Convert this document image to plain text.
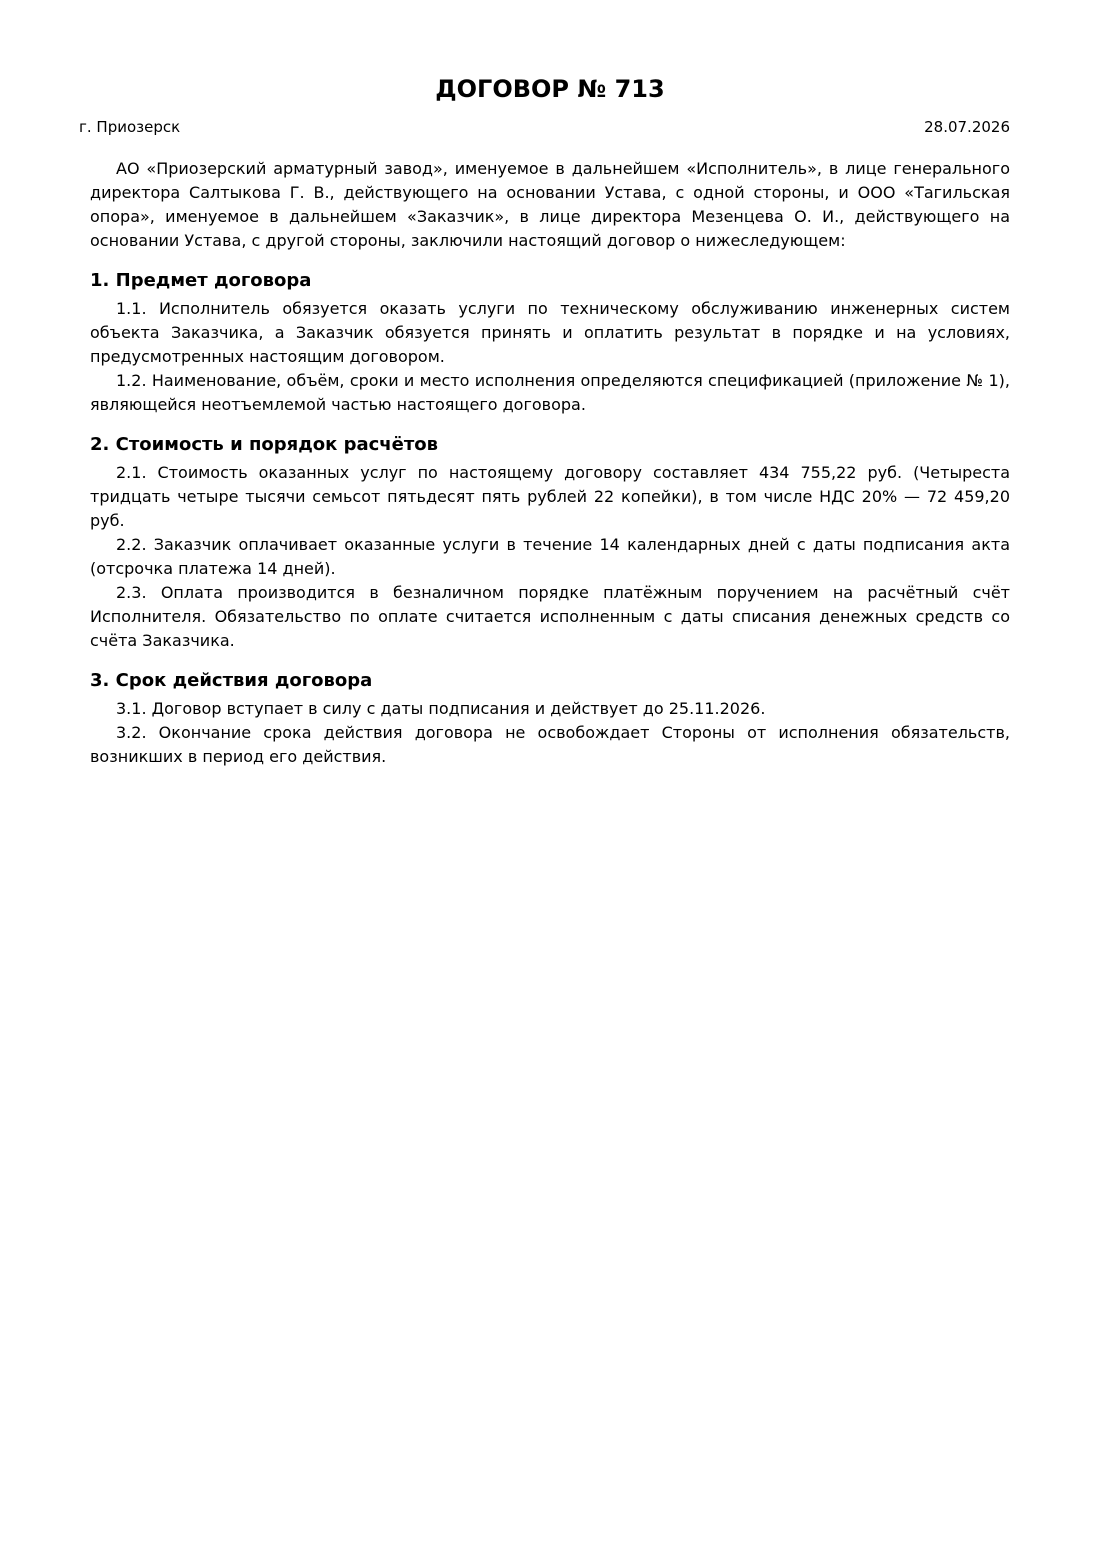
ДОГОВОР № 713
г. Приозерск	28.07.2026

АО «Приозерский арматурный завод», именуемое в дальнейшем «Исполнитель», в лице генерального директора Салтыкова Г. В., действующего на основании Устава, с одной стороны, и ООО «Тагильская опора», именуемое в дальнейшем «Заказчик», в лице директора Мезенцева О. И., действующего на основании Устава, с другой стороны, заключили настоящий договор о нижеследующем:

1. Предмет договора

1.1. Исполнитель обязуется оказать услуги по техническому обслуживанию инженерных систем объекта Заказчика, а Заказчик обязуется принять и оплатить результат в порядке и на условиях, предусмотренных настоящим договором.

1.2. Наименование, объём, сроки и место исполнения определяются спецификацией (приложение № 1), являющейся неотъемлемой частью настоящего договора.

2. Стоимость и порядок расчётов

2.1. Стоимость оказанных услуг по настоящему договору составляет 434 755,22 руб. (Четыреста тридцать четыре тысячи семьсот пятьдесят пять рублей 22 копейки), в том числе НДС 20% — 72 459,20 руб.

2.2. Заказчик оплачивает оказанные услуги в течение 14 календарных дней с даты подписания акта (отсрочка платежа 14 дней).

2.3. Оплата производится в безналичном порядке платёжным поручением на расчётный счёт Исполнителя. Обязательство по оплате считается исполненным с даты списания денежных средств со счёта Заказчика.

3. Срок действия договора

3.1. Договор вступает в силу с даты подписания и действует до 25.11.2026.

3.2. Окончание срока действия договора не освобождает Стороны от исполнения обязательств, возникших в период его действия.
